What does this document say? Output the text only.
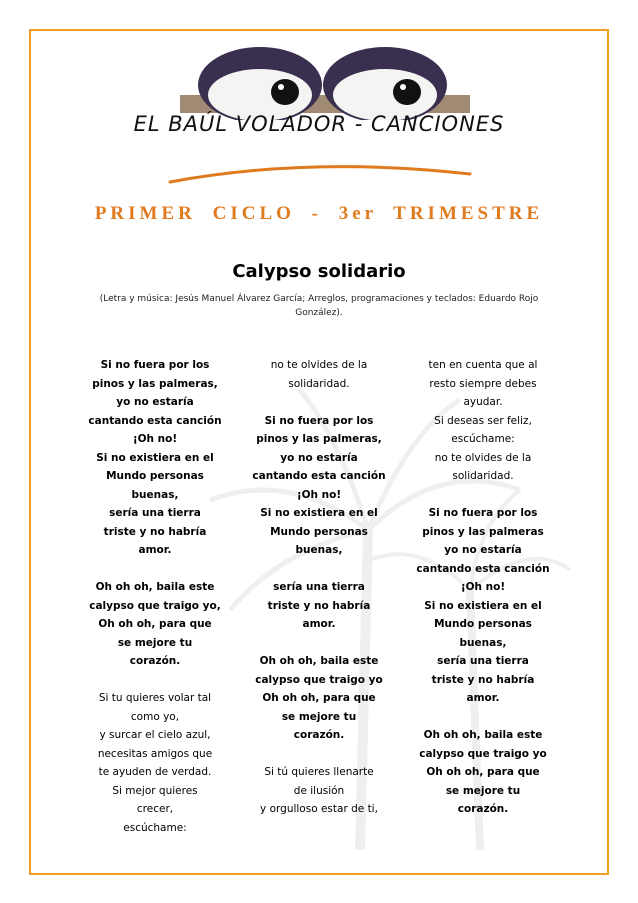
EL BAÚL VOLADOR - CANCIONES
PRIMER CICLO - 3er TRIMESTRE
Calypso solidario
(Letra y música: Jesús Manuel Álvarez García; Arreglos, programaciones y teclados: Eduardo Rojo González).

Si no fuera por los

pinos y las palmeras,

yo no estaría

cantando esta canción

¡Oh no!

Si no existiera en el

Mundo personas

buenas,

sería una tierra

triste y no habría

amor.

Oh oh oh, baila este

calypso que traigo yo,

Oh oh oh, para que

se mejore tu

corazón.

Si tu quieres volar tal

como yo,

y surcar el cielo azul,

necesitas amigos que

te ayuden de verdad.

Si mejor quieres

crecer,

escúchame:

no te olvides de la

solidaridad.

Si no fuera por los

pinos y las palmeras,

yo no estaría

cantando esta canción

¡Oh no!

Si no existiera en el

Mundo personas

buenas,

sería una tierra

triste y no habría

amor.

Oh oh oh, baila este

calypso que traigo yo

Oh oh oh, para que

se mejore tu

corazón.

Si tú quieres llenarte

de ilusión

y orgulloso estar de ti,

ten en cuenta que al

resto siempre debes

ayudar.

Si deseas ser feliz,

escúchame:

no te olvides de la

solidaridad.

Si no fuera por los

pinos y las palmeras

yo no estaría

cantando esta canción

¡Oh no!

Si no existiera en el

Mundo personas

buenas,

sería una tierra

triste y no habría

amor.

Oh oh oh, baila este

calypso que traigo yo

Oh oh oh, para que

se mejore tu

corazón.
